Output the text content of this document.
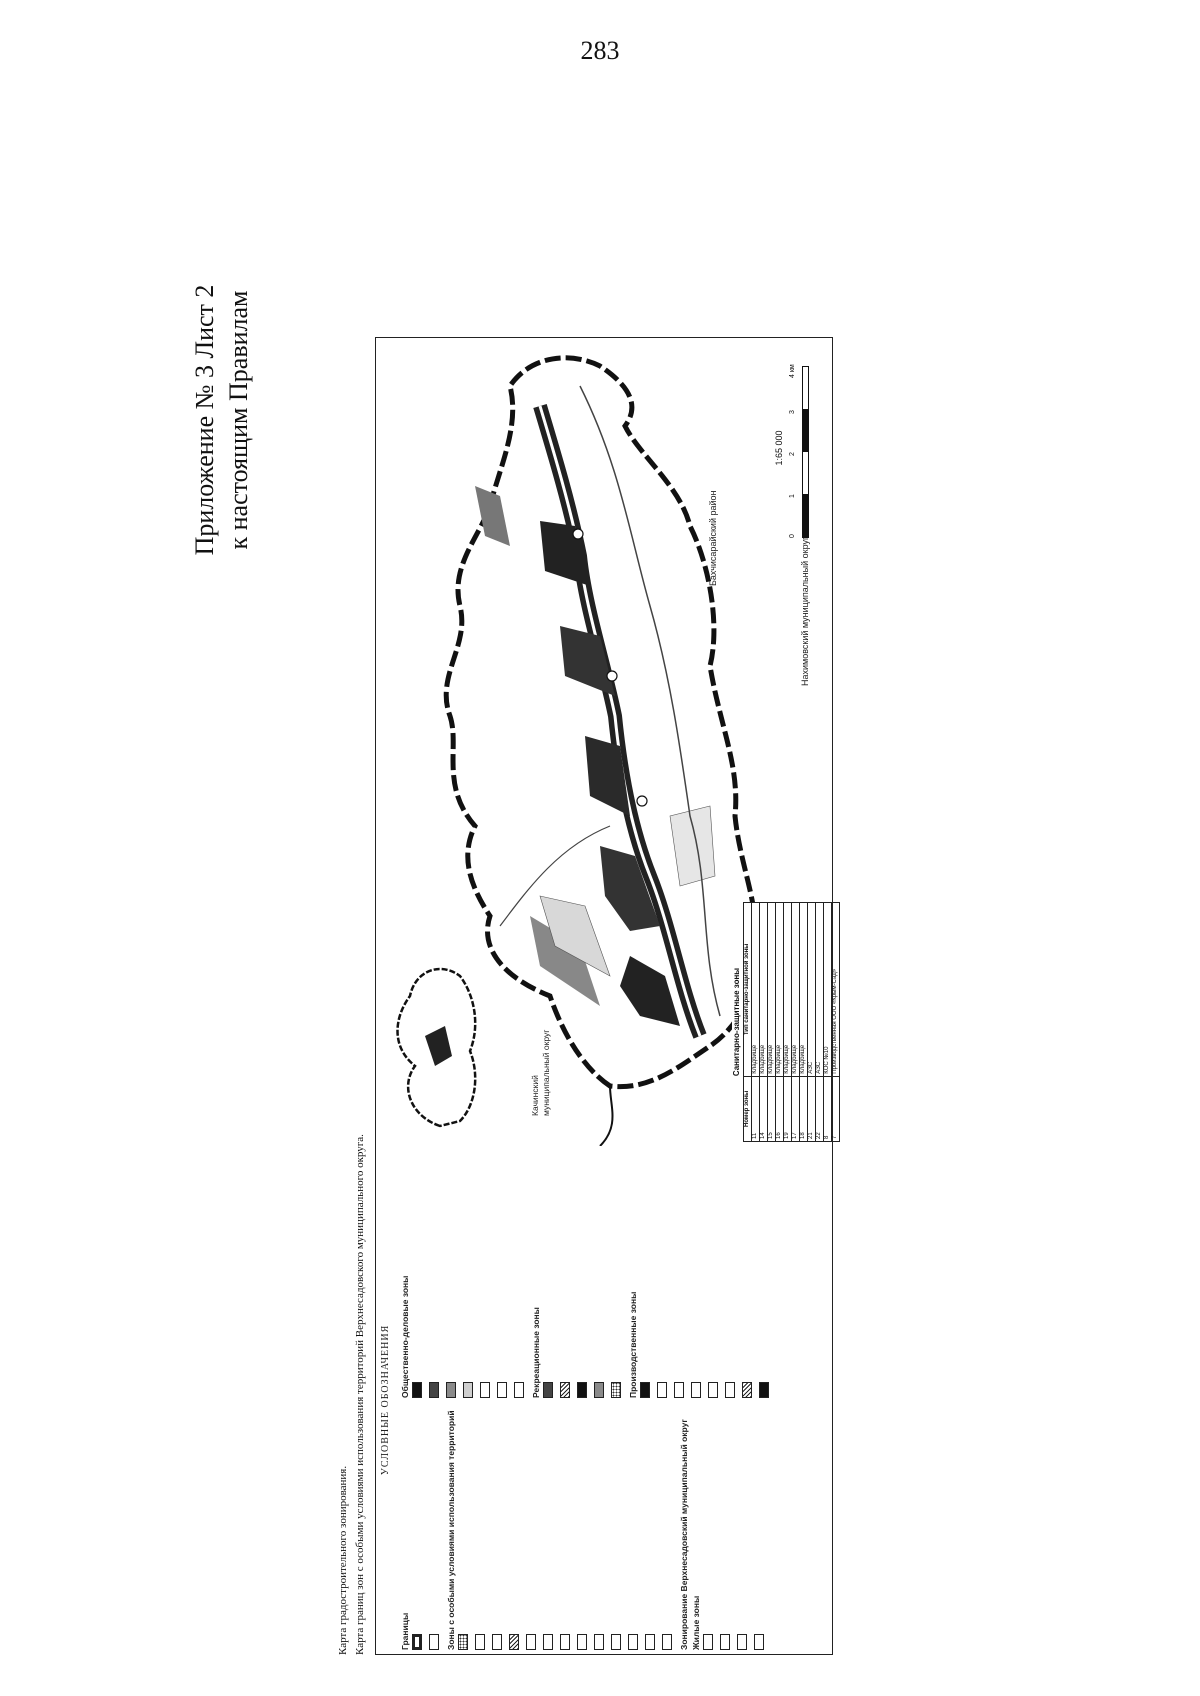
283
Приложение № 3 Лист 2 к настоящим Правилам
Карта градостроительного зонирования. Карта границ зон с особыми условиями использования территорий Верхнесадовского муниципального округа.	УСЛОВНЫЕ ОБОЗНАЧЕНИЯ
Границы	Зоны с особыми условиями использования территорий	Зонирование Верхнесадовский муниципальный округ Жилые зоны
Общественно-деловые зоны	Рекреационные зоны	Производственные зоны
Бахчисарайский район
Качинский муниципальный округ
Нахимовский муниципальный округ
Санитарно-защитные зоны
Номер зоны	Тип санитарно-защитной зоны
11	Кладбище
14	Кладбище
15	Кладбище
16	Кладбище
19	Кладбище
17	Кладбище
18	Кладбище
21	АЗС
22	АЗС
8	КОС №10
7	Производственная ООО «Крым-Сад»
1:65 000
0
1
2
3
4 км
